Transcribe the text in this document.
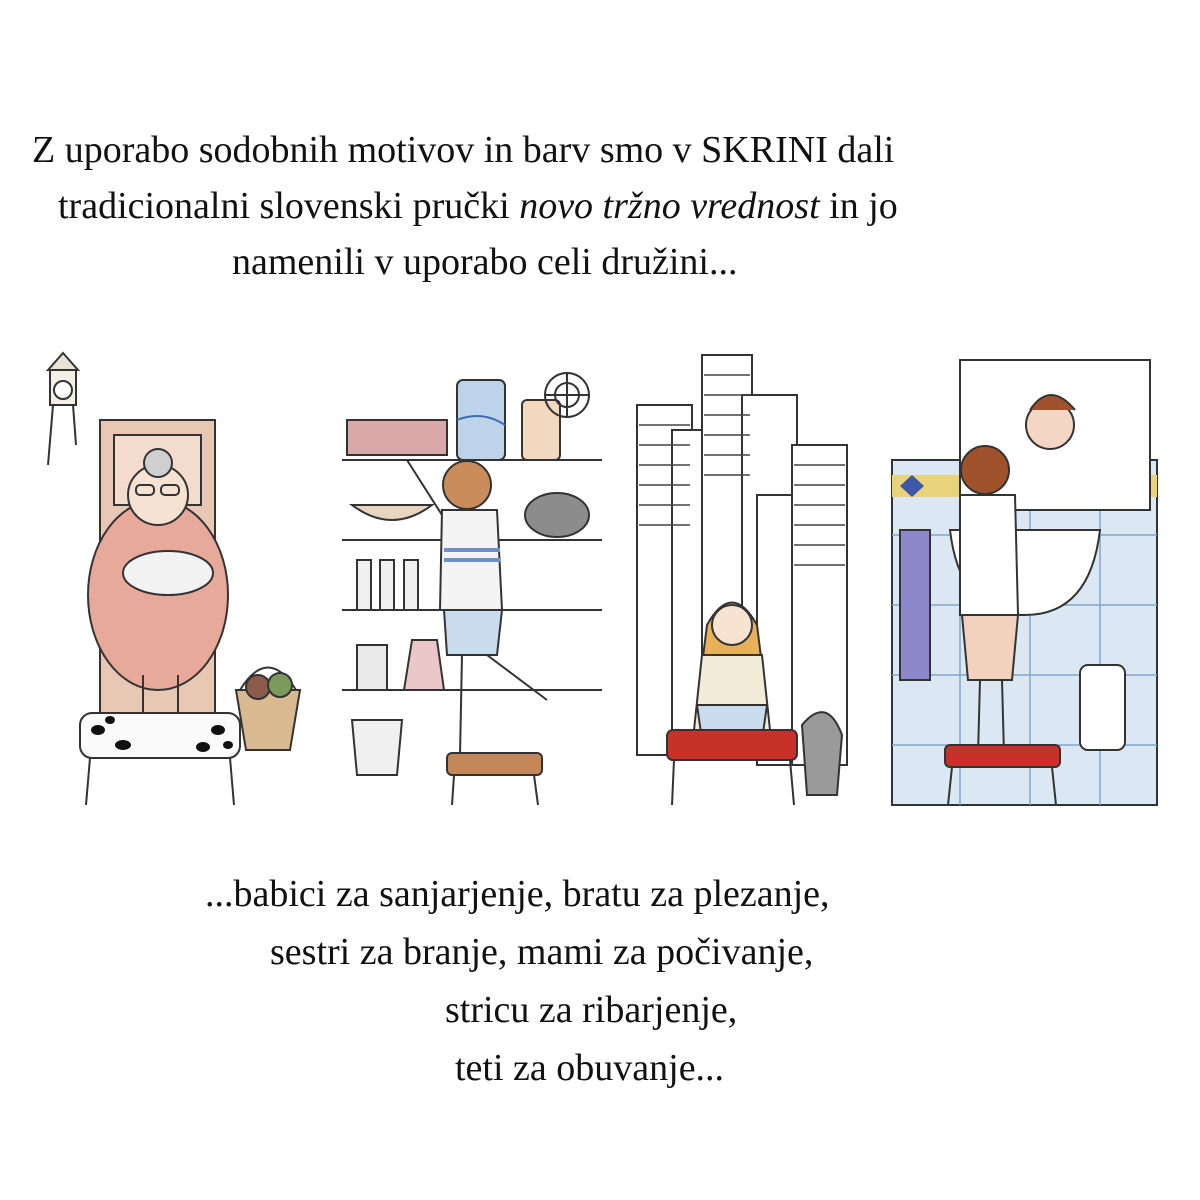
Z uporabo sodobnih motivov in barv smo v SKRINI dali
tradicionalni slovenski pručki novo tržno vrednost in jo
namenili v uporabo celi družini...
...babici za sanjarjenje, bratu za plezanje,
sestri za branje, mami za počivanje,
stricu za ribarjenje,
teti za obuvanje...
